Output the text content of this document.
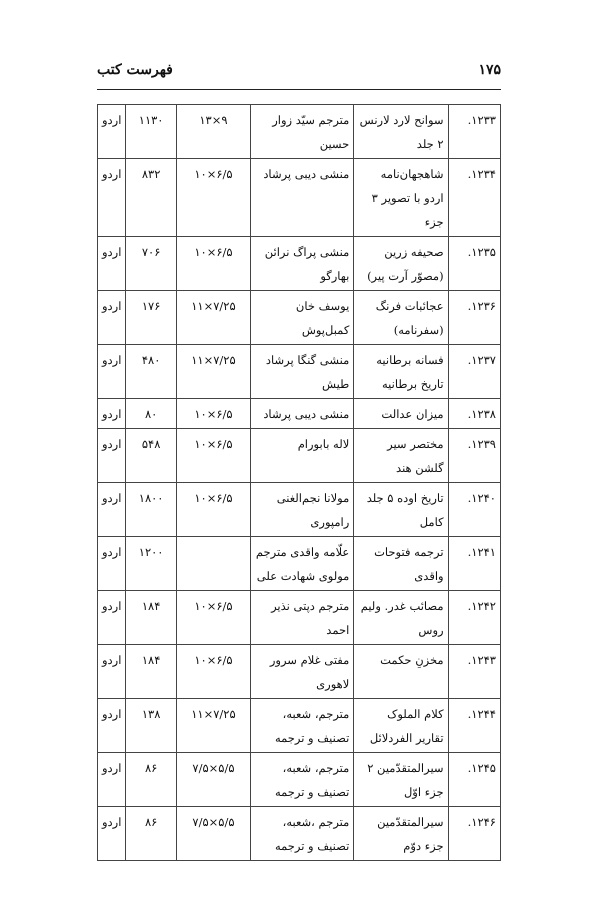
۱۷۵
فهرست کتب
۱۲۳۳.	سوانح لارد لارنس ۲ جلد	مترجم سیّد زوار حسین	۹×۱۳	۱۱۳۰	اردو
۱۲۳۴.	شاهجهان‌نامه اردو با تصویر ۳ جزء	منشی دیبی پرشاد	۶/۵×۱۰	۸۳۲	اردو
۱۲۳۵.	صحیفه زرین (مصوّر آرت پیر)	منشی پراگ نرائن بهارگو	۶/۵×۱۰	۷۰۶	اردو
۱۲۳۶.	عجائبات فرنگ (سفرنامه)	یوسف خان کمبل‌پوش	۷/۲۵×۱۱	۱۷۶	اردو
۱۲۳۷.	فسانه برطانیه تاریخ برطانیه	منشی گنگا پرشاد طیش	۷/۲۵×۱۱	۴۸۰	اردو
۱۲۳۸.	میزان عدالت	منشی دیبی پرشاد	۶/۵×۱۰	۸۰	اردو
۱۲۳۹.	مختصر سیر گلشن هند	لاله بابورام	۶/۵×۱۰	۵۴۸	اردو
۱۲۴۰.	تاریخ اوده ۵ جلد کامل	مولانا نجم‌الغنی رامپوری	۶/۵×۱۰	۱۸۰۰	اردو
۱۲۴۱.	ترجمه فتوحات واقدی	علّامه واقدی مترجم مولوی شهادت علی		۱۲۰۰	اردو
۱۲۴۲.	مصائب غدر. ولیم روس	مترجم دپتی نذیر احمد	۶/۵×۱۰	۱۸۴	اردو
۱۲۴۳.	مخزنِ حکمت	مفتی غلام سرور لاهوری	۶/۵×۱۰	۱۸۴	اردو
۱۲۴۴.	کلام الملوک تقاریر الفردلائل	مترجم، شعبه، تصنیف و ترجمه	۷/۲۵×۱۱	۱۳۸	اردو
۱۲۴۵.	سیرالمتقدّمین ۲ جزء اوّل	مترجم، شعبه، تصنیف و ترجمه	۵/۵×۷/۵	۸۶	اردو
۱۲۴۶.	سیرالمتقدّمین جزء دوّم	مترجم ،شعبه، تصنیف و ترجمه	۵/۵×۷/۵	۸۶	اردو
